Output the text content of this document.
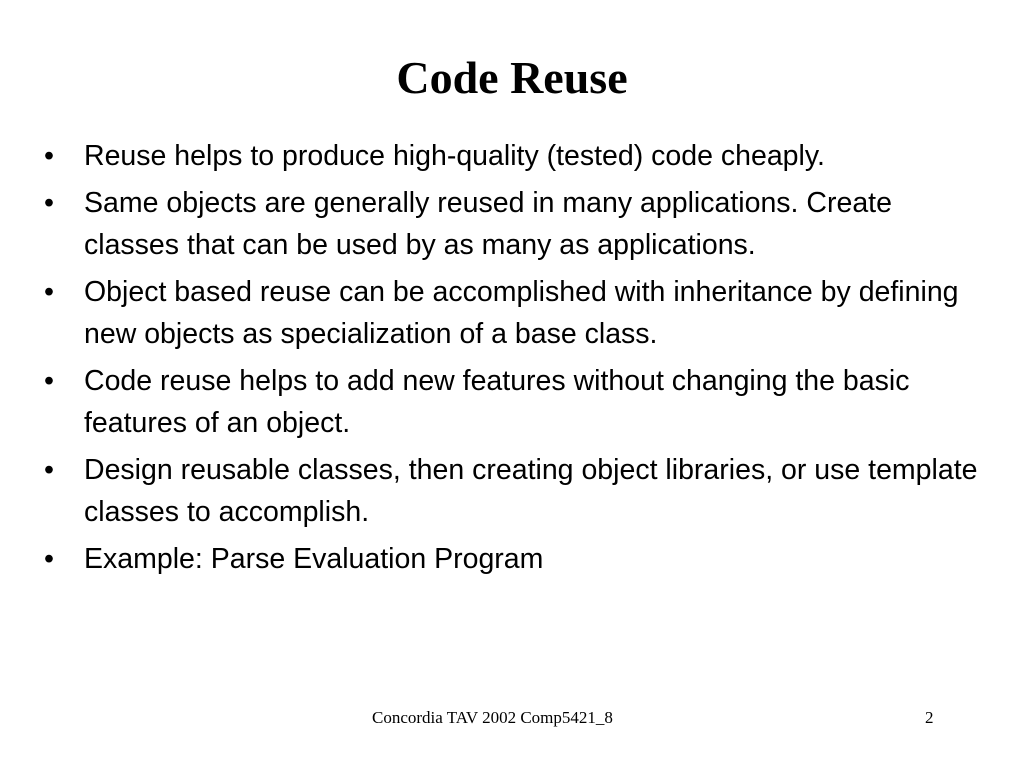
Code Reuse
• Reuse helps to produce high-quality (tested) code cheaply.
• Same objects are generally reused in many applications. Create classes that can be used by as many as applications.
• Object based reuse can be accomplished with inheritance by defining new objects as specialization of a base class.
• Code reuse helps to add new features without changing the basic features of an object.
• Design reusable classes, then creating object libraries, or use template classes to accomplish.
• Example: Parse Evaluation Program
Concordia TAV 2002 Comp5421_8	2
